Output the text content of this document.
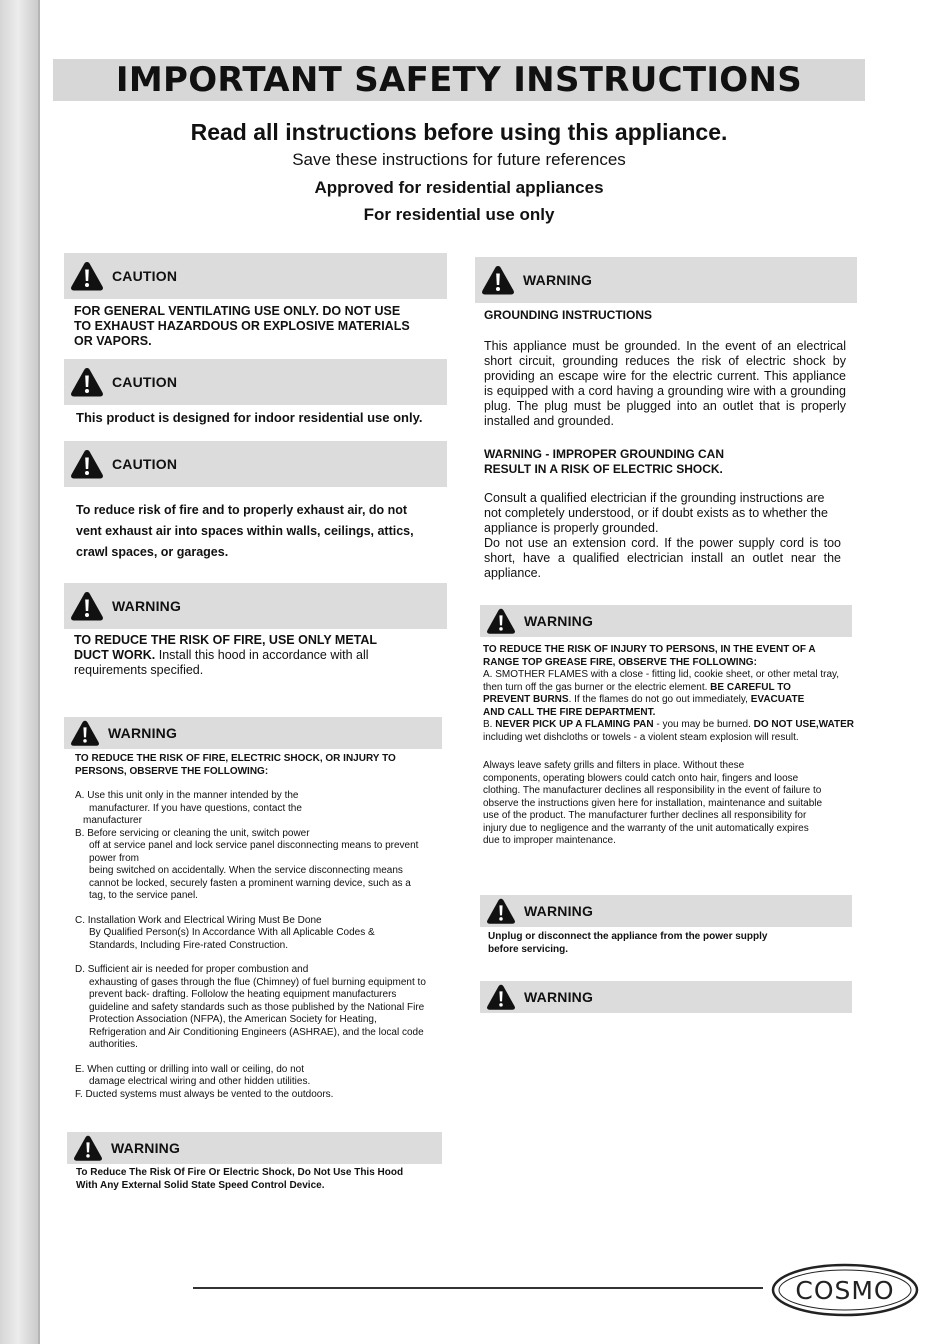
IMPORTANT SAFETY INSTRUCTIONS

Read all instructions before using this appliance.

Save these instructions for future references

Approved for residential appliances

For residential use only

CAUTION
FOR GENERAL VENTILATING USE ONLY. DO NOT USE
TO EXHAUST HAZARDOUS OR EXPLOSIVE MATERIALS
OR VAPORS.
CAUTION

This product is designed for indoor residential use only.

CAUTION
To reduce risk of fire and to properly exhaust air, do not
vent exhaust air into spaces within walls, ceilings, attics,
crawl spaces, or garages.
WARNING
TO REDUCE THE RISK OF FIRE, USE ONLY METAL
DUCT WORK. Install this hood in accordance with all
requirements specified.
WARNING
TO REDUCE THE RISK OF FIRE, ELECTRIC SHOCK, OR INJURY TO
PERSONS, OBSERVE THE FOLLOWING:
A. Use this unit only in the manner intended by the
manufacturer. If you have questions, contact the
manufacturer
B. Before servicing or cleaning the unit, switch power
off at service panel and lock service panel disconnecting means to prevent
power from
being switched on accidentally. When the service disconnecting means
cannot be locked, securely fasten a prominent warning device, such as a
tag, to the service panel.
C. Installation Work and Electrical Wiring Must Be Done
By Qualified Person(s) In Accordance With all Aplicable Codes &
Standards, Including Fire-rated Construction.
D. Sufficient air is needed for proper combustion and
exhausting of gases through the flue (Chimney) of fuel burning equipment to
prevent back- drafting. Follolow the heating equipment manufacturers
guideline and safety standards such as those published by the National Fire
Protection Association (NFPA), the American Society for Heating,
Refrigeration and Air Conditioning Engineers (ASHRAE), and the local code
authorities.
E. When cutting or drilling into wall or ceiling, do not
damage electrical wiring and other hidden utilities.
F. Ducted systems must always be vented to the outdoors.
WARNING
To Reduce The Risk Of Fire Or Electric Shock, Do Not Use This Hood
With Any External Solid State Speed Control Device.
WARNING

GROUNDING INSTRUCTIONS

This appliance must be grounded. In the event of an electrical short circuit, grounding reduces the risk of electric shock by providing an escape wire for the electric current. This appliance is equipped with a cord having a grounding wire with a grounding plug. The plug must be plugged into an outlet that is properly installed and grounded.

WARNING - IMPROPER GROUNDING CAN
RESULT IN A RISK OF ELECTRIC SHOCK.
Consult a qualified electrician if the grounding instructions are
not completely understood, or if doubt exists as to whether the
appliance is properly grounded.

Do not use an extension cord. If the power supply cord is too short, have a qualified electrician install an outlet near the appliance.

WARNING
TO REDUCE THE RISK OF INJURY TO PERSONS, IN THE EVENT OF A
RANGE TOP GREASE FIRE, OBSERVE THE FOLLOWING:
A. SMOTHER FLAMES with a close - fitting lid, cookie sheet, or other metal tray,
then turn off the gas burner or the electric element. BE CAREFUL TO
PREVENT BURNS. If the flames do not go out immediately, EVACUATE
AND CALL THE FIRE DEPARTMENT.
B. NEVER PICK UP A FLAMING PAN - you may be burned. DO NOT USE,WATER
including wet dishcloths or towels - a violent steam explosion will result.
Always leave safety grills and filters in place. Without these
components, operating blowers could catch onto hair, fingers and loose
clothing. The manufacturer declines all responsibility in the event of failure to
observe the instructions given here for installation, maintenance and suitable
use of the product. The manufacturer further declines all responsibility for
injury due to negligence and the warranty of the unit automatically expires
due to improper maintenance.
WARNING
Unplug or disconnect the appliance from the power supply
before servicing.
WARNING
COSMO
